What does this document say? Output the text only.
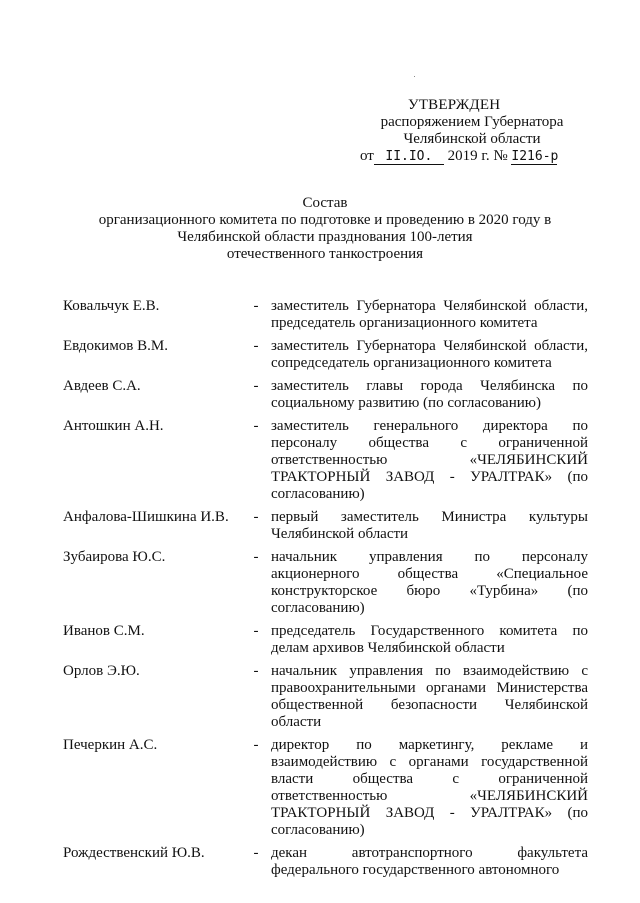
УТВЕРЖДЕН
распоряжением Губернатора
Челябинской области
от II.IO. 2019 г. № I216-р
Состав
организационного комитета по подготовке и проведению в 2020 году в
Челябинской области празднования 100-летия
отечественного танкостроения
Ковальчук Е.В.	- заместитель Губернатора Челябинской области,
председатель организационного комитета
Евдокимов В.М.	- заместитель Губернатора Челябинской области,
сопредседатель организационного комитета
Авдеев С.А.	- заместитель главы города Челябинска по
социальному развитию (по согласованию)
Антошкин А.Н.	- заместитель генерального директора по
персоналу общества с ограниченной
ответственностью «ЧЕЛЯБИНСКИЙ
ТРАКТОРНЫЙ ЗАВОД - УРАЛТРАК» (по
согласованию)
Анфалова-Шишкина И.В.	- первый заместитель Министра культуры
Челябинской области
Зубаирова Ю.С.	- начальник управления по персоналу
акционерного общества «Специальное
конструкторское бюро «Турбина» (по
согласованию)
Иванов С.М.	- председатель Государственного комитета по
делам архивов Челябинской области
Орлов Э.Ю.	- начальник управления по взаимодействию с
правоохранительными органами Министерства
общественной безопасности Челябинской
области
Печеркин А.С.	- директор по маркетингу, рекламе и
взаимодействию с органами государственной
власти общества с ограниченной
ответственностью «ЧЕЛЯБИНСКИЙ
ТРАКТОРНЫЙ ЗАВОД - УРАЛТРАК» (по
согласованию)
Рождественский Ю.В.	- декан автотранспортного факультета
федерального государственного автономного
